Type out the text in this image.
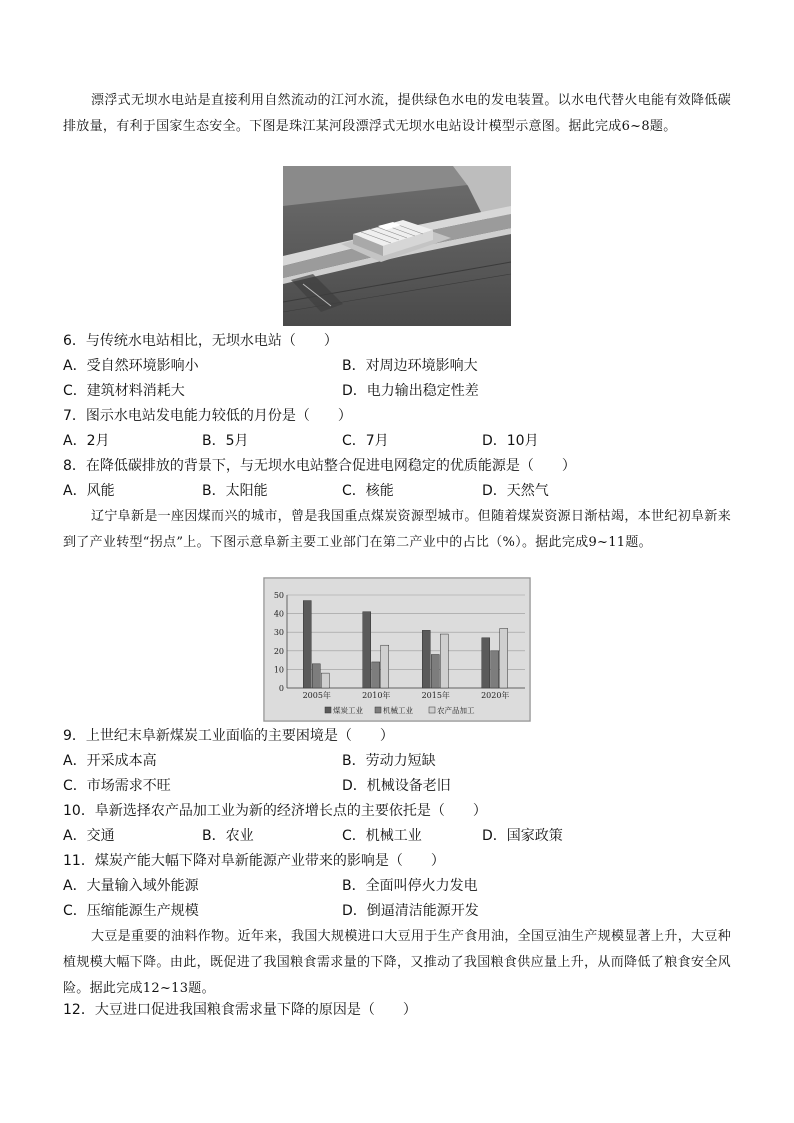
漂浮式无坝水电站是直接利用自然流动的江河水流，提供绿色水电的发电装置。以水电代替火电能有效降低碳排放量，有利于国家生态安全。下图是珠江某河段漂浮式无坝水电站设计模型示意图。据此完成6~8题。

6．与传统水电站相比，无坝水电站（　　）
A．受自然环境影响小	B．对周边环境影响大
C．建筑材料消耗大	D．电力输出稳定性差
7．图示水电站发电能力较低的月份是（　　）
A．2月	B．5月	C．7月	D．10月
8．在降低碳排放的背景下，与无坝水电站整合促进电网稳定的优质能源是（　　）
A．风能	B．太阳能	C．核能	D．天然气

辽宁阜新是一座因煤而兴的城市，曾是我国重点煤炭资源型城市。但随着煤炭资源日渐枯竭，本世纪初阜新来到了产业转型“拐点”上。下图示意阜新主要工业部门在第二产业中的占比（%）。据此完成9~11题。

0
10
20
30
40
50
2005年	2010年	2015年	2020年
煤炭工业	机械工业	农产品加工
9．上世纪末阜新煤炭工业面临的主要困境是（　　）
A．开采成本高	B．劳动力短缺
C．市场需求不旺	D．机械设备老旧
10．阜新选择农产品加工业为新的经济增长点的主要依托是（　　）
A．交通	B．农业	C．机械工业	D．国家政策
11．煤炭产能大幅下降对阜新能源产业带来的影响是（　　）
A．大量输入域外能源	B．全面叫停火力发电
C．压缩能源生产规模	D．倒逼清洁能源开发

大豆是重要的油料作物。近年来，我国大规模进口大豆用于生产食用油，全国豆油生产规模显著上升，大豆种植规模大幅下降。由此，既促进了我国粮食需求量的下降，又推动了我国粮食供应量上升，从而降低了粮食安全风险。据此完成12~13题。

12．大豆进口促进我国粮食需求量下降的原因是（　　）
